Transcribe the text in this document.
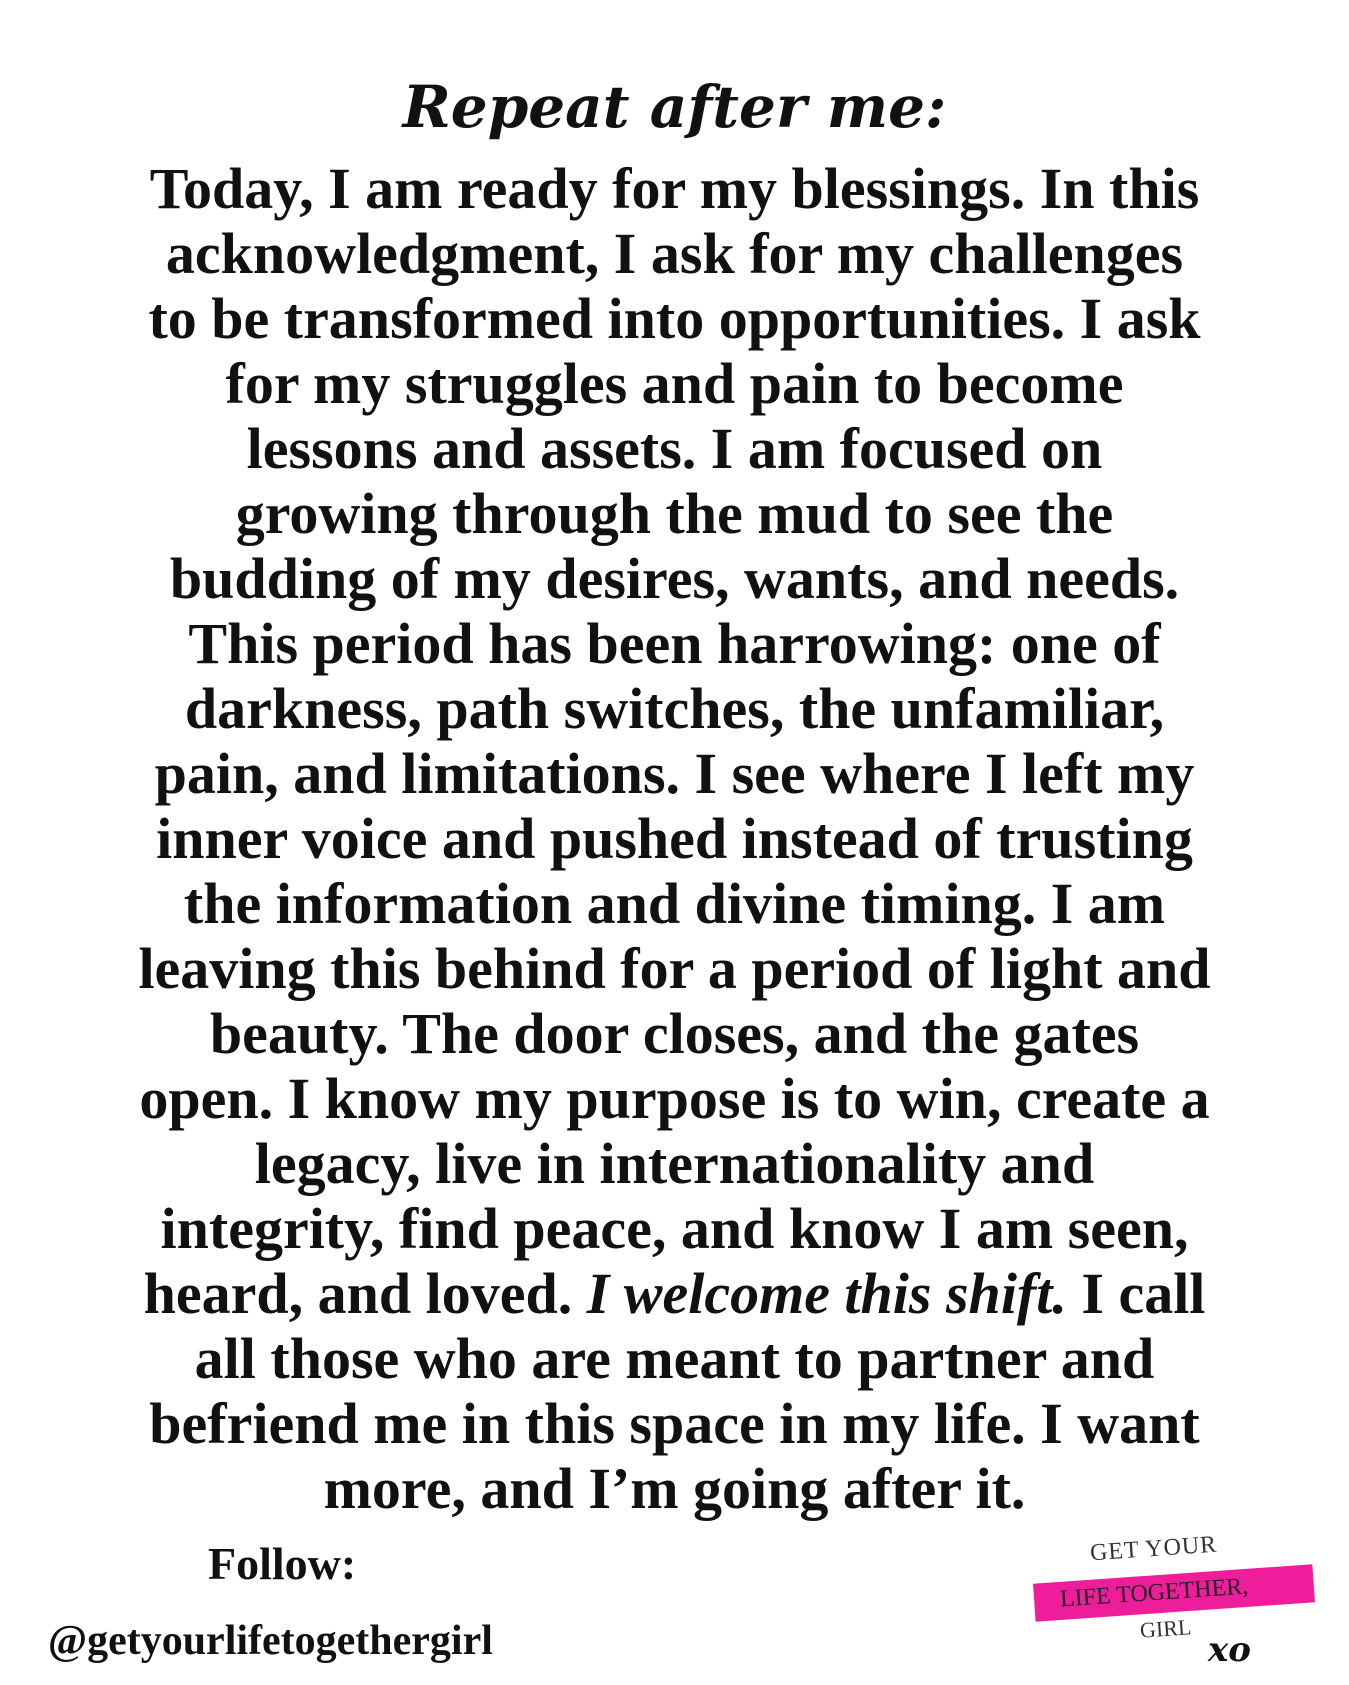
Repeat after me:
Today, I am ready for my blessings. In this
acknowledgment, I ask for my challenges
to be transformed into opportunities. I ask
for my struggles and pain to become
lessons and assets. I am focused on
growing through the mud to see the
budding of my desires, wants, and needs.
This period has been harrowing: one of
darkness, path switches, the unfamiliar,
pain, and limitations. I see where I left my
inner voice and pushed instead of trusting
the information and divine timing. I am
leaving this behind for a period of light and
beauty. The door closes, and the gates
open. I know my purpose is to win, create a
legacy, live in internationality and
integrity, find peace, and know I am seen,
heard, and loved. I welcome this shift. I call
all those who are meant to partner and
befriend me in this space in my life. I want
more, and I’m going after it.

Follow:

@getyourlifetogethergirl

GET YOUR
LIFE TOGETHER,
GIRL
xo
